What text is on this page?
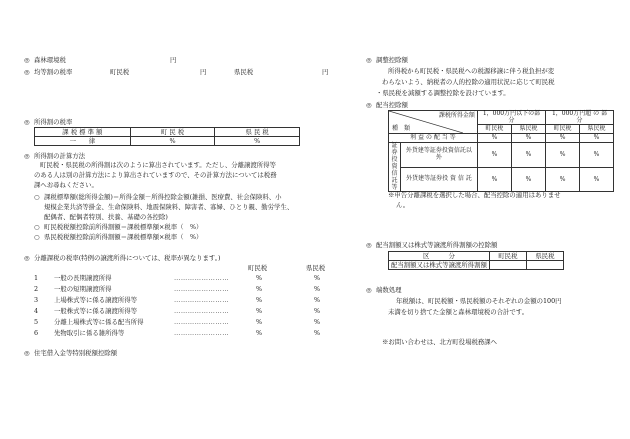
◎ 森林環境税	円
◎ 均等割の税率	町民税	円	県民税	円
◎ 所得割の税率
課 税 標 準 額	町 民 税	県 民 税
一　　律	%	%
◎ 所得割の計算方法
町民税・県民税の所得割は次のように算出されています。ただし、分離譲渡所得等
のある人は別の計算方法により算出されていますので、その計算方法については税務
課へお尋ねください。
○ 課税標準額(総所得金額)＝所得金額－所得控除金額(雑損、医療費、社会保険料、小
規模企業共済等掛金、生命保険料、地震保険料、障害者、寡婦、ひとり親、勤労学生、
配偶者、配偶者特別、扶養、基礎の各控除)
○ 町民税税額控除前所得割額＝課税標準額×税率（　%）
○ 県民税税額控除前所得割額＝課税標準額×税率（　%）
◎ 分離課税の税率(特例の譲渡所得については、税率が異なります。)
町民税	県民税
1 一般の長期譲渡所得	……………………	%	%
2 一般の短期譲渡所得	……………………	%	%
3 上場株式等に係る譲渡所得等	……………………	%	%
4 一般株式等に係る譲渡所得等	……………………	%	%
5 分離上場株式等に係る配当所得	……………………	%	%
6 先物取引に係る雑所得等	……………………	%	%
◎ 住宅借入金等特別税額控除額
◎ 調整控除額
所得税から町民税・県民税への税源移譲に伴う税負担が変
わらないよう、納税者の人的控除の適用状況に応じて町民税
・県民税を減額する調整控除を設けています。
◎ 配当控除額
課税所得金額
種　類		1，000万円以下の部分		1，000万円超 の 部 分	
		町民税	県民税	町民税	県民税
利 益 の 配 当 等		%	%	%	%
証券投資信託等	外貨建等証券投資信託以外	%	%	%	%
	外貨建等証券投 資 信 託	%	%	%	%
※申告分離課税を選択した場合、配当控除の適用はありませ
ん。
◎ 配当割額又は株式等譲渡所得割額の控除額
区　　　分	町民税	県民税
配当割額又は株式等譲渡所得割額		
◎ 端数処理
年税額は、町民税額・県民税額のそれぞれの金額の100円
未満を切り捨てた金額と森林環境税の合計です。
※お問い合わせは、北方町役場税務課へ
